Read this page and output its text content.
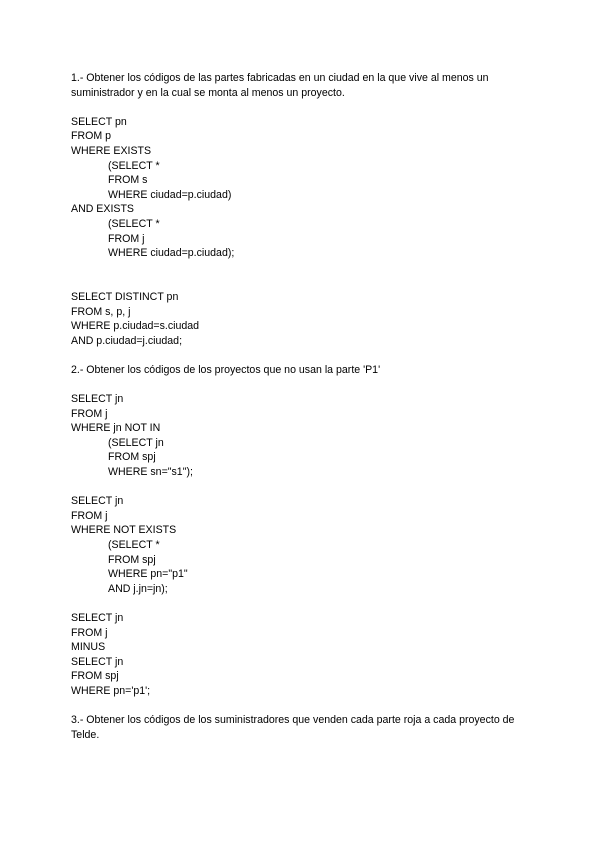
1.- Obtener los códigos de las partes fabricadas en un ciudad en la que vive al menos un suministrador y en la cual se monta al menos un proyecto.

SELECT pn
FROM p
WHERE EXISTS
(SELECT *
FROM s
WHERE ciudad=p.ciudad)
AND EXISTS
(SELECT *
FROM j
WHERE ciudad=p.ciudad);
SELECT DISTINCT pn
FROM s, p, j
WHERE p.ciudad=s.ciudad
AND p.ciudad=j.ciudad;

2.- Obtener los códigos de los proyectos que no usan la parte 'P1'

SELECT jn
FROM j
WHERE jn NOT IN
(SELECT jn
FROM spj
WHERE sn="s1");
SELECT jn
FROM j
WHERE NOT EXISTS
(SELECT *
FROM spj
WHERE pn="p1"
AND j.jn=jn);
SELECT jn
FROM j
MINUS
SELECT jn
FROM spj
WHERE pn='p1';

3.- Obtener los códigos de los suministradores que venden cada parte roja a cada proyecto de Telde.
